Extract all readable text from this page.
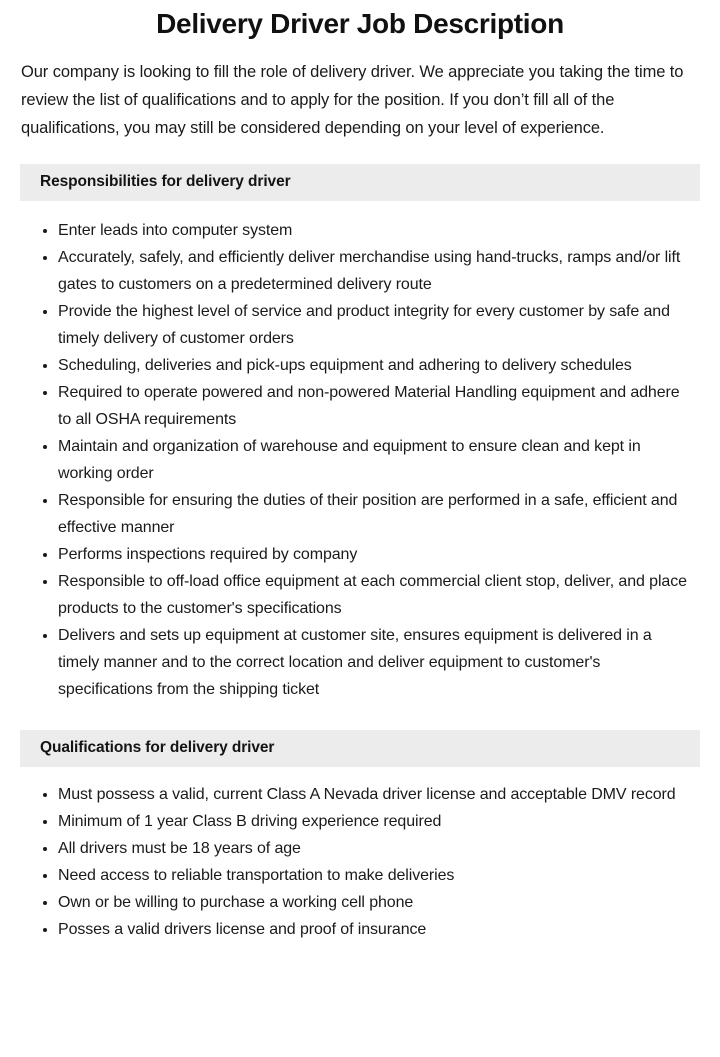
Delivery Driver Job Description

Our company is looking to fill the role of delivery driver. We appreciate you taking the time to review the list of qualifications and to apply for the position. If you don’t fill all of the qualifications, you may still be considered depending on your level of experience.

Responsibilities for delivery driver
Enter leads into computer system
Accurately, safely, and efficiently deliver merchandise using hand-trucks, ramps and/or lift gates to customers on a predetermined delivery route
Provide the highest level of service and product integrity for every customer by safe and timely delivery of customer orders
Scheduling, deliveries and pick-ups equipment and adhering to delivery schedules
Required to operate powered and non-powered Material Handling equipment and adhere to all OSHA requirements
Maintain and organization of warehouse and equipment to ensure clean and kept in working order
Responsible for ensuring the duties of their position are performed in a safe, efficient and effective manner
Performs inspections required by company
Responsible to off-load office equipment at each commercial client stop, deliver, and place products to the customer's specifications
Delivers and sets up equipment at customer site, ensures equipment is delivered in a timely manner and to the correct location and deliver equipment to customer's specifications from the shipping ticket
Qualifications for delivery driver
Must possess a valid, current Class A Nevada driver license and acceptable DMV record
Minimum of 1 year Class B driving experience required
All drivers must be 18 years of age
Need access to reliable transportation to make deliveries
Own or be willing to purchase a working cell phone
Posses a valid drivers license and proof of insurance
